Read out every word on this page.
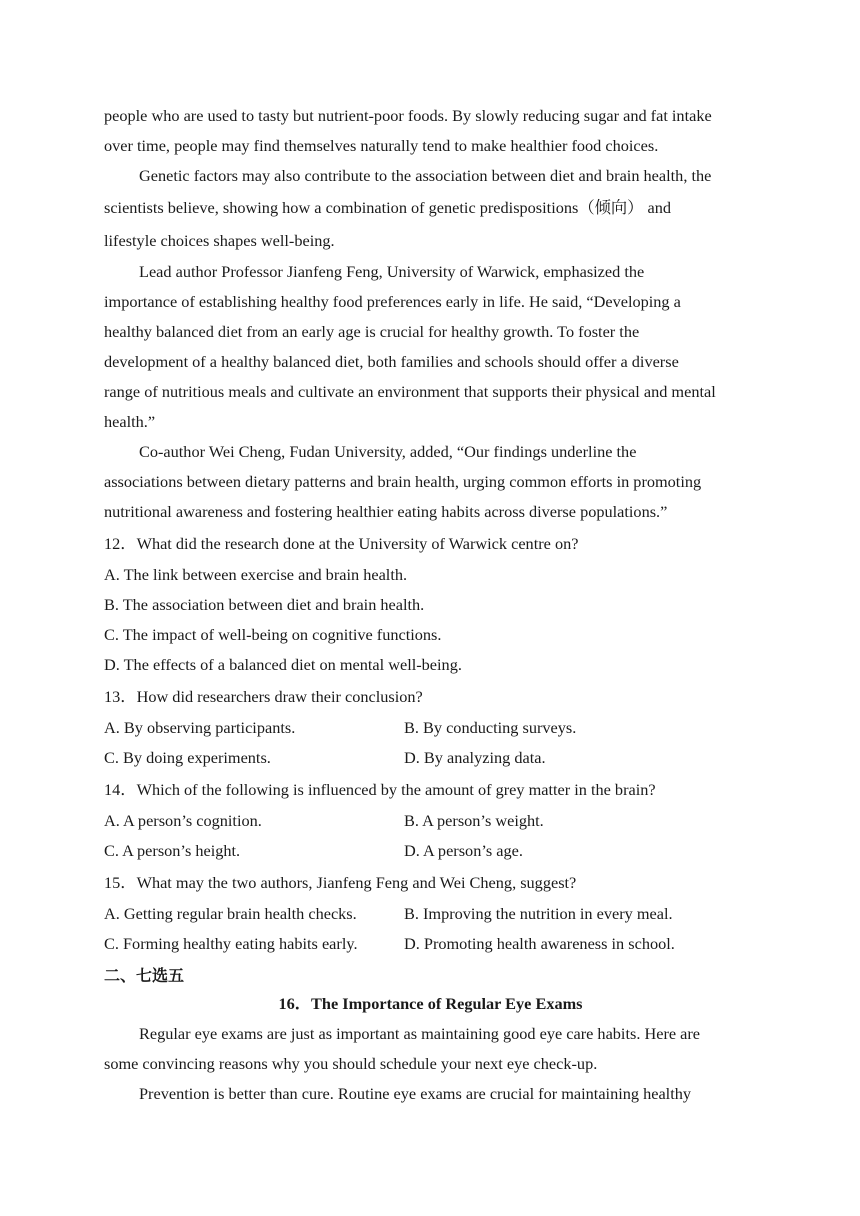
people who are used to tasty but nutrient-poor foods. By slowly reducing sugar and fat intake
over time, people may find themselves naturally tend to make healthier food choices.
Genetic factors may also contribute to the association between diet and brain health, the
scientists believe, showing how a combination of genetic predispositions（倾向） and
lifestyle choices shapes well-being.
Lead author Professor Jianfeng Feng, University of Warwick, emphasized the
importance of establishing healthy food preferences early in life. He said, “Developing a
healthy balanced diet from an early age is crucial for healthy growth. To foster the
development of a healthy balanced diet, both families and schools should offer a diverse
range of nutritious meals and cultivate an environment that supports their physical and mental
health.”
Co-author Wei Cheng, Fudan University, added, “Our findings underline the
associations between dietary patterns and brain health, urging common efforts in promoting
nutritional awareness and fostering healthier eating habits across diverse populations.”
12．What did the research done at the University of Warwick centre on?
A. The link between exercise and brain health.
B. The association between diet and brain health.
C. The impact of well-being on cognitive functions.
D. The effects of a balanced diet on mental well-being.
13．How did researchers draw their conclusion?
A. By observing participants.	B. By conducting surveys.
C. By doing experiments.	D. By analyzing data.
14．Which of the following is influenced by the amount of grey matter in the brain?
A. A person’s cognition.	B. A person’s weight.
C. A person’s height.	D. A person’s age.
15．What may the two authors, Jianfeng Feng and Wei Cheng, suggest?
A. Getting regular brain health checks.	B. Improving the nutrition in every meal.
C. Forming healthy eating habits early.	D. Promoting health awareness in school.
二、七选五
16．The Importance of Regular Eye Exams
Regular eye exams are just as important as maintaining good eye care habits. Here are
some convincing reasons why you should schedule your next eye check-up.
Prevention is better than cure. Routine eye exams are crucial for maintaining healthy
